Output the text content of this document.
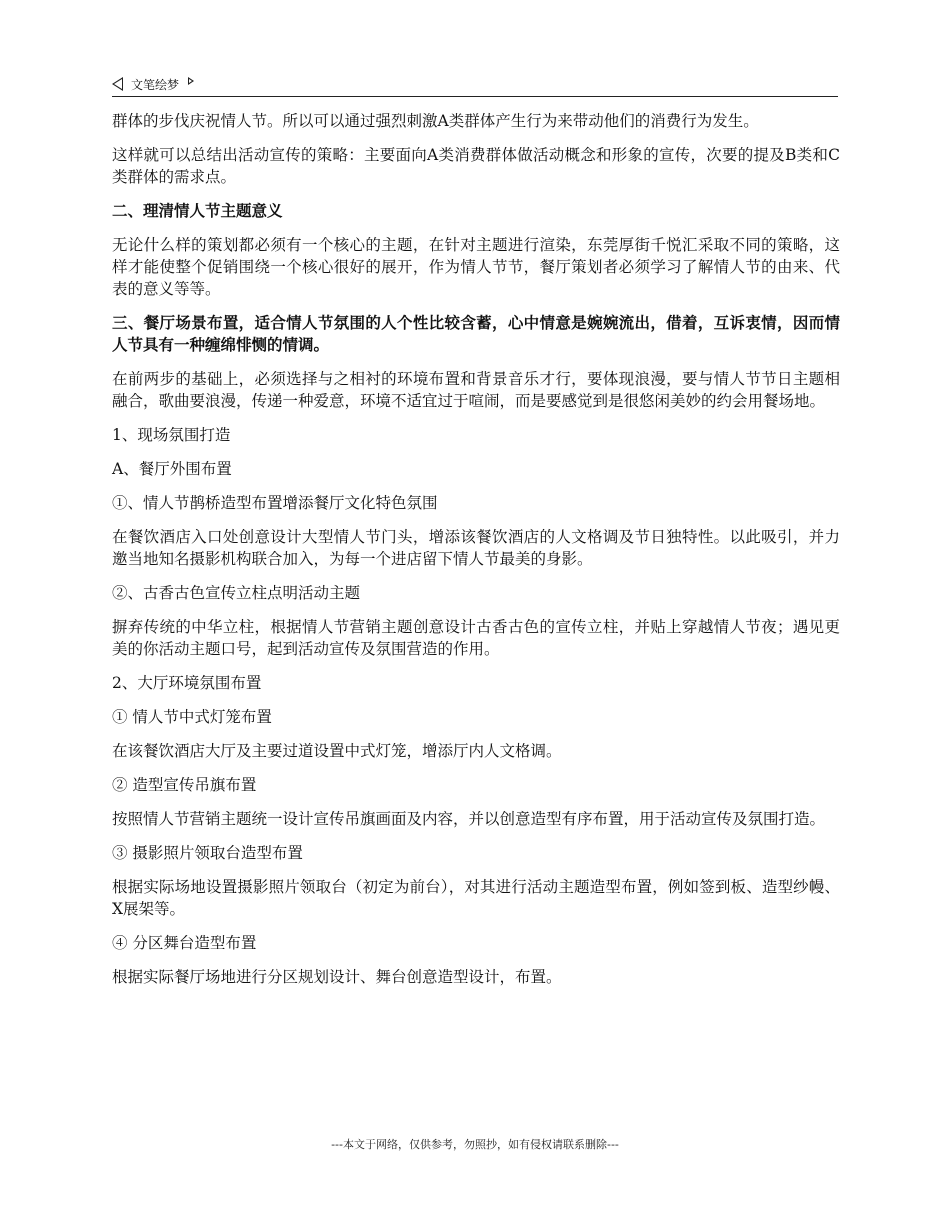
文笔绘梦

群体的步伐庆祝情人节。所以可以通过强烈刺激A类群体产生行为来带动他们的消费行为发生。

这样就可以总结出活动宣传的策略：主要面向A类消费群体做活动概念和形象的宣传，次要的提及B类和C类群体的需求点。

二、理清情人节主题意义

无论什么样的策划都必须有一个核心的主题，在针对主题进行渲染，东莞厚街千悦汇采取不同的策略，这样才能使整个促销围绕一个核心很好的展开，作为情人节节，餐厅策划者必须学习了解情人节的由来、代表的意义等等。

三、餐厅场景布置，适合情人节氛围的人个性比较含蓄，心中情意是婉婉流出，借着，互诉衷情，因而情人节具有一种缠绵悱恻的情调。

在前两步的基础上，必须选择与之相衬的环境布置和背景音乐才行，要体现浪漫，要与情人节节日主题相融合，歌曲要浪漫，传递一种爱意，环境不适宜过于喧闹，而是要感觉到是很悠闲美妙的约会用餐场地。

1、现场氛围打造

A、餐厅外围布置

①、情人节鹊桥造型布置增添餐厅文化特色氛围

在餐饮酒店入口处创意设计大型情人节门头，增添该餐饮酒店的人文格调及节日独特性。以此吸引，并力邀当地知名摄影机构联合加入，为每一个进店留下情人节最美的身影。

②、古香古色宣传立柱点明活动主题

摒弃传统的中华立柱，根据情人节营销主题创意设计古香古色的宣传立柱，并贴上穿越情人节夜；遇见更美的你活动主题口号，起到活动宣传及氛围营造的作用。

2、大厅环境氛围布置

① 情人节中式灯笼布置

在该餐饮酒店大厅及主要过道设置中式灯笼，增添厅内人文格调。

② 造型宣传吊旗布置

按照情人节营销主题统一设计宣传吊旗画面及内容，并以创意造型有序布置，用于活动宣传及氛围打造。

③ 摄影照片领取台造型布置

根据实际场地设置摄影照片领取台（初定为前台），对其进行活动主题造型布置，例如签到板、造型纱幔、X展架等。

④ 分区舞台造型布置

根据实际餐厅场地进行分区规划设计、舞台创意造型设计，布置。

---本文于网络，仅供参考，勿照抄，如有侵权请联系删除---
